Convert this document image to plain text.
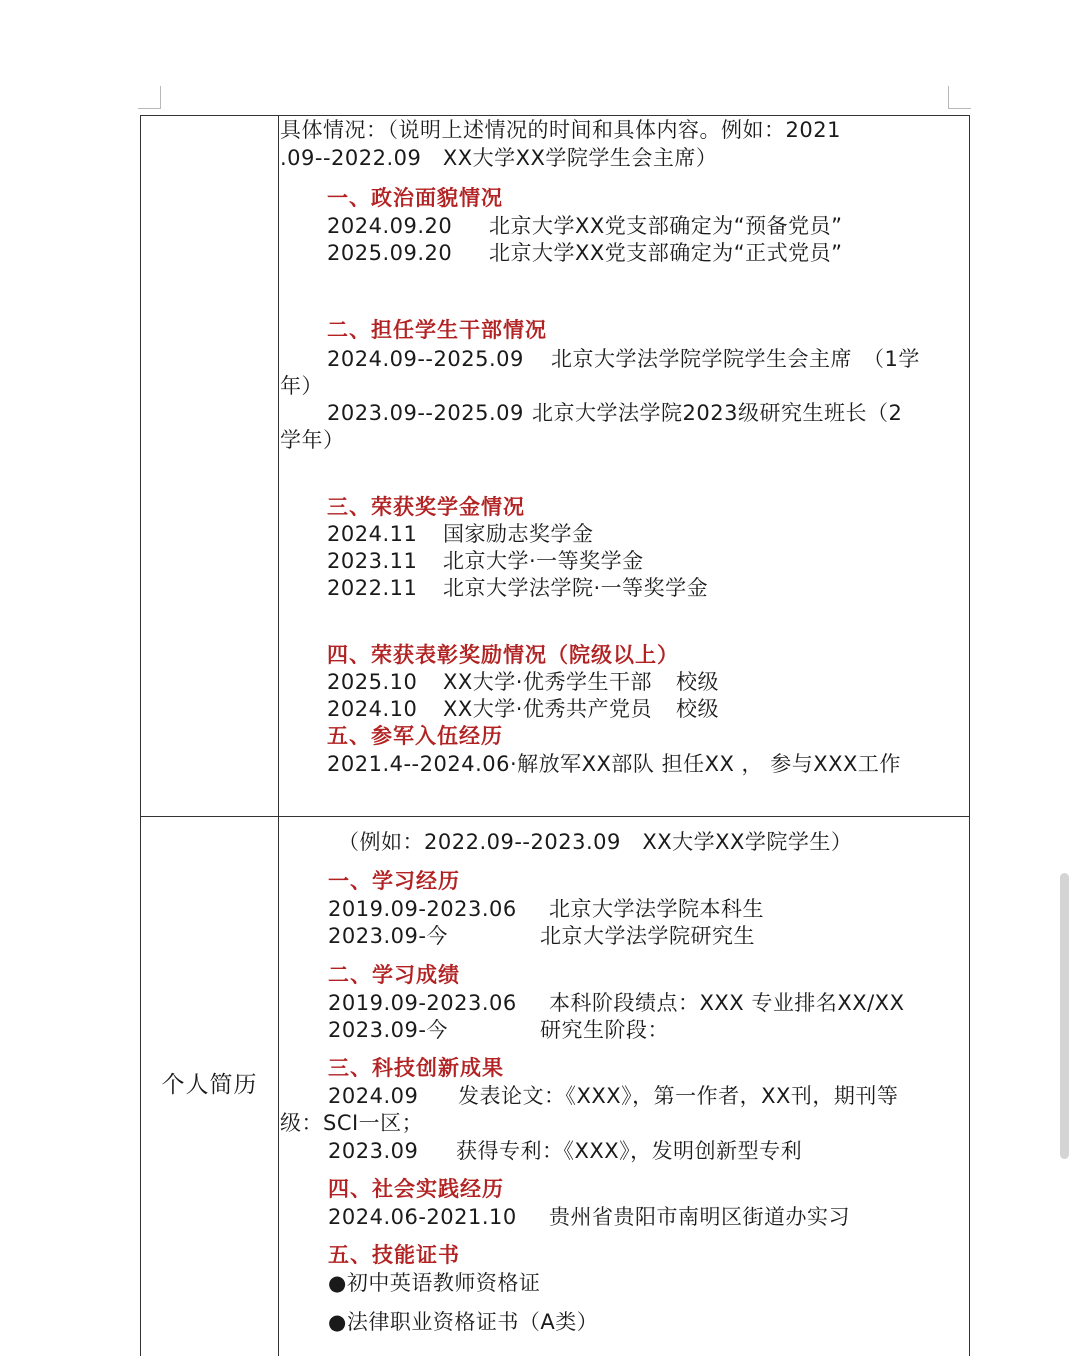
个人简历
具体情况：（说明上述情况的时间和具体内容。例如：2021
.09--2022.09　XX大学XX学院学生会主席）
一、政治面貌情况
2024.09.20 北京大学XX党支部确定为“预备党员”
2025.09.20 北京大学XX党支部确定为“正式党员”
二、担任学生干部情况
2024.09--2025.09 北京大学法学院学院学生会主席　（1学
年）
2023.09--2025.09 北京大学法学院2023级研究生班长（2
学年）
三、荣获奖学金情况
2024.11 国家励志奖学金
2023.11 北京大学·一等奖学金
2022.11 北京大学法学院·一等奖学金
四、荣获表彰奖励情况（院级以上）
2025.10 XX大学·优秀学生干部 校级
2024.10 XX大学·优秀共产党员 校级
五、参军入伍经历
2021.4--2024.06·解放军XX部队 担任XX ， 参与XXX工作
（例如：2022.09--2023.09　XX大学XX学院学生）
一、学习经历
2019.09-2023.06 北京大学法学院本科生
2023.09-今	北京大学法学院研究生
二、学习成绩
2019.09-2023.06 本科阶段绩点：XXX 专业排名XX/XX
2023.09-今	研究生阶段：
三、科技创新成果
2024.09 发表论文：《XXX》，第一作者，XX刊，期刊等
级：SCI一区；
2023.09 获得专利：《XXX》，发明创新型专利
四、社会实践经历
2024.06-2021.10 贵州省贵阳市南明区街道办实习
五、技能证书
●初中英语教师资格证
●法律职业资格证书（A类）
